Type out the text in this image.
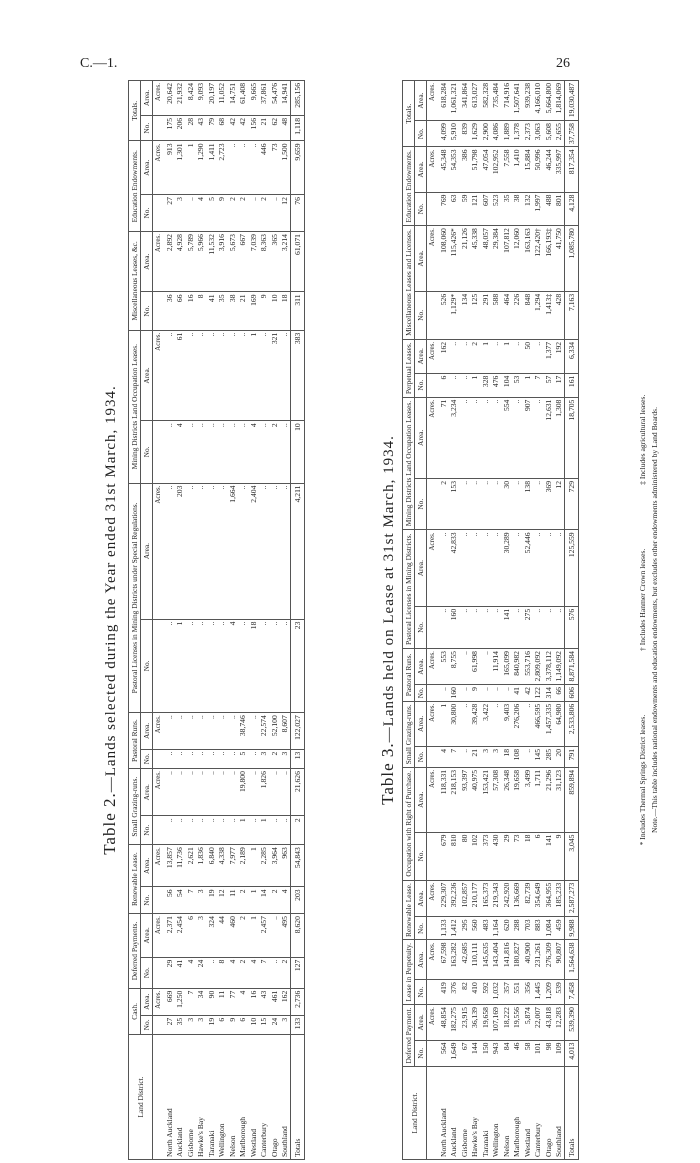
C.—1.	26
Table 2.—Lands selected during the Year ended 31st March, 1934.
Land District.	Cash.		Deferred Payments.		Renewable Lease.		Small Grazing-runs.		Pastoral Runs.		Pastoral Licenses in Mining Districts under Special Regulations.		Mining Districts Land Occupation Leases.		Miscellaneous Leases, &c.		Education Endowments.		Totals.	
	No.	Area.	No.	Area.	No.	Area.	No.	Area.	No.	Area.	No.	Area.	No.	Area.	No.	Area.	No.	Area.	No.	Area.
		Acres.		Acres.		Acres.		Acres.		Acres.		Acres.		Acres.		Acres.		Acres.		Acres.
North Auckland	27	669	29	2,371	56	13,857	..	..	..	..	..	..	..	..	36	2,892	27	913	175	20,642
Auckland	35	1,250	41	2,454	54	11,736	..	..	..	..	1	203	4	61	66	4,928	3	1,301	206	21,932
Gisborne	3	7	4	6	7	2,621	..	..	..	..	..	..	..	..	16	5,789	..	1	28	8,424
Hawke's Bay	3	34	24	3	3	1,836	..	..	..	..	..	..	..	..	8	5,966	4	1,290	43	9,093
Taranaki	19	90	..	324	19	6,840	..	..	..	..	..	..	..	..	41	11,532	5	1,411	79	20,197
Wellington	6	11	8	44	12	4,338	..	..	..	..	..	..	..	..	35	3,916	9	2,723	68	11,052
Nelson	9	77	4	460	11	7,977	..	..	..	..	4	1,664	..	..	38	5,673	2	..	42	14,751
Marlborough	6	4	2	2	2	2,189	1	19,800	5	38,746	..	..	..	..	21	667	2	..	42	61,408
Westland	10	16	4	1	1	1	..	..	..	..	18	2,404	4	1	169	7,039	..	..	156	9,665
Canterbury	15	43	7	2,457	14	2,285	1	1,826	3	22,574	..	..	..	..	9	8,363	2	446	21	37,861
Otago	24	461	..	..	2	3,964	..	..	2	52,100	..	..	2	321	10	365	..	73	62	54,476
Southland	3	162	2	495	4	963	..	..	3	8,607	..	..	..	..	18	3,214	12	1,500	48	14,941
Totals	133	2,736	127	8,620	203	54,843	2	21,626	13	122,027	23	4,211	10	383	311	61,071	76	9,659	1,118	285,156
Table 3.—Lands held on Lease at 31st March, 1934.
Land District.	Deferred Payment.		Lease in Perpetuity.		Renewable Lease.		Occupation with Right of Purchase.		Small Grazing-runs.		Pastoral Runs.		Pastoral Licenses in Mining Districts.		Mining Districts Land Occupation Leases.		Perpetual Leases.		Miscellaneous Leases and Licenses.		Education Endowments.		Totals.	
	No.	Area.	No.	Area.	No.	Area.	No.	Area.	No.	Area.	No.	Area.	No.	Area.	No.	Area.	No.	Area.	No.	Area.	No.	Area.	No.	Area.
		Acres.		Acres.		Acres.		Acres.		Acres.		Acres.		Acres.		Acres.		Acres.		Acres.		Acres.		Acres.
North Auckland	564	48,854	419	67,598	1,133	229,307	679	118,331	4	1	..	553	..	..	2	71	6	162	526	108,060	769	45,348	4,099	618,284
Auckland	1,649	182,275	376	163,282	1,412	392,236	810	218,153	7	30,800	160	8,755	160	42,833	153	3,234	..	..	1,129*	115,426*	63	54,353	5,910	1,061,321
Gisborne	67	23,915	82	42,685	295	102,857	80	93,397	..	..	..	..	..	..	..	..	..	..	134	21,126	59	386	839	341,864
Hawke's Bay	144	36,139	410	110,111	560	210,177	102	40,975	21	39,428	9	61,998	..	..	..	..	1	2	125	45,338	121	51,798	1,629	613,027
Taranaki	150	19,658	592	145,635	483	165,373	373	153,421	3	3,422	..	..	..	..	..	..	328	1	291	48,057	607	47,054	2,900	582,328
Wellington	943	107,169	1,032	143,404	1,164	219,343	430	57,308	3	..	..	11,914	..	..	..	..	476	..	588	29,384	523	102,952	4,086	735,484
Nelson	84	18,222	357	141,816	620	242,920	29	26,348	18	9,403	..	165,099	141	30,289	30	554	104	1	464	107,812	35	7,558	1,889	714,916
Marlborough	46	19,556	551	180,827	288	136,669	73	19,658	108	276,206	41	840,982	..	..	..	..	53	..	226	12,060	38	1,410	1,378	1,507,641
Westland	58	5,874	356	40,900	703	82,739	18	3,499	..	..	42	553,716	275	52,446	138	907	1	50	848	163,163	132	15,884	2,373	939,238
Canterbury	101	22,007	1,445	231,261	883	354,649	6	1,711	145	466,595	122	2,809,092	..	..	..	..	7	..	1,294	122,420†	1,997	50,996	3,063	4,166,010
Otago	98	43,818	1,209	276,309	1,084	364,955	141	21,296	285	1,457,335	314	3,378,112	..	..	369	12,631	57	1,377	1,413‡	166,193‡	488	46,244	5,608	5,664,800
Southland	109	12,283	539	90,807	459	185,233	9	31,123	20	64,980	66	1,149,092	..	..	12	1,308	17	192	428	41,750	801	335,997	2,655	1,814,069
Totals	4,013	539,390	7,458	1,564,638	9,988	2,587,273	3,045	859,894	791	2,533,806	606	8,871,584	576	125,559	729	18,705	161	6,334	7,163	1,085,780	4,128	817,354	37,758	19,030,487
* Includes Thermal Springs District leases.  † Includes Hanmer Crown leases.  ‡ Includes agricultural leases. Note.—This table includes national endowments and education endowments, but excludes other endowments administered by Land Boards.
